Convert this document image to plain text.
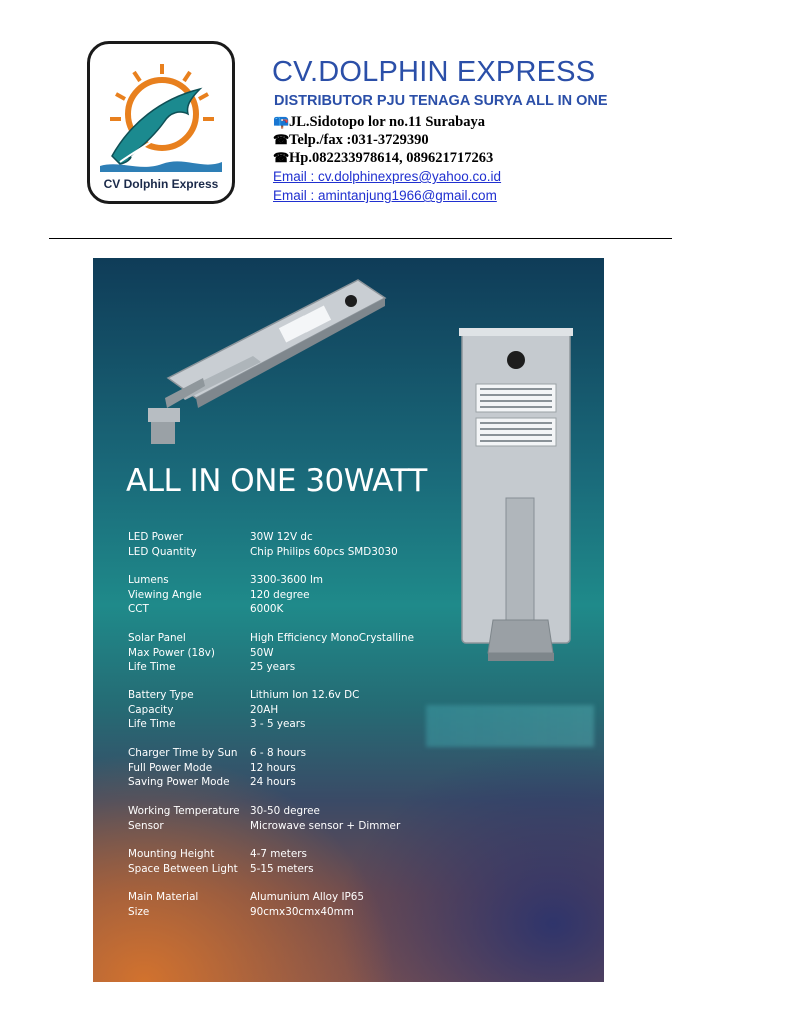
CV Dolphin Express
CV.DOLPHIN EXPRESS
DISTRIBUTOR PJU TENAGA SURYA ALL IN ONE
📪JL.Sidotopo lor no.11 Surabaya
☎Telp./fax :031-3729390
☎Hp.082233978614, 089621717263
Email : cv.dolphinexpres@yahoo.co.id
Email : amintanjung1966@gmail.com
ALL IN ONE 30WATT
LED Power	30W 12V dc
LED Quantity	Chip Philips 60pcs SMD3030
Lumens	3300-3600 lm
Viewing Angle	120 degree
CCT	6000K
Solar Panel	High Efficiency MonoCrystalline
Max Power (18v)	50W
Life Time	25 years
Battery Type	Lithium Ion 12.6v DC
Capacity	20AH
Life Time	3 - 5 years
Charger Time by Sun 6 - 8 hours
Full Power Mode	12 hours
Saving Power Mode 24 hours
Working Temperature 30-50 degree
Sensor	Microwave sensor + Dimmer
Mounting Height	4-7 meters
Space Between Light 5-15 meters
Main Material	Alumunium Alloy IP65
Size	90cmx30cmx40mm
